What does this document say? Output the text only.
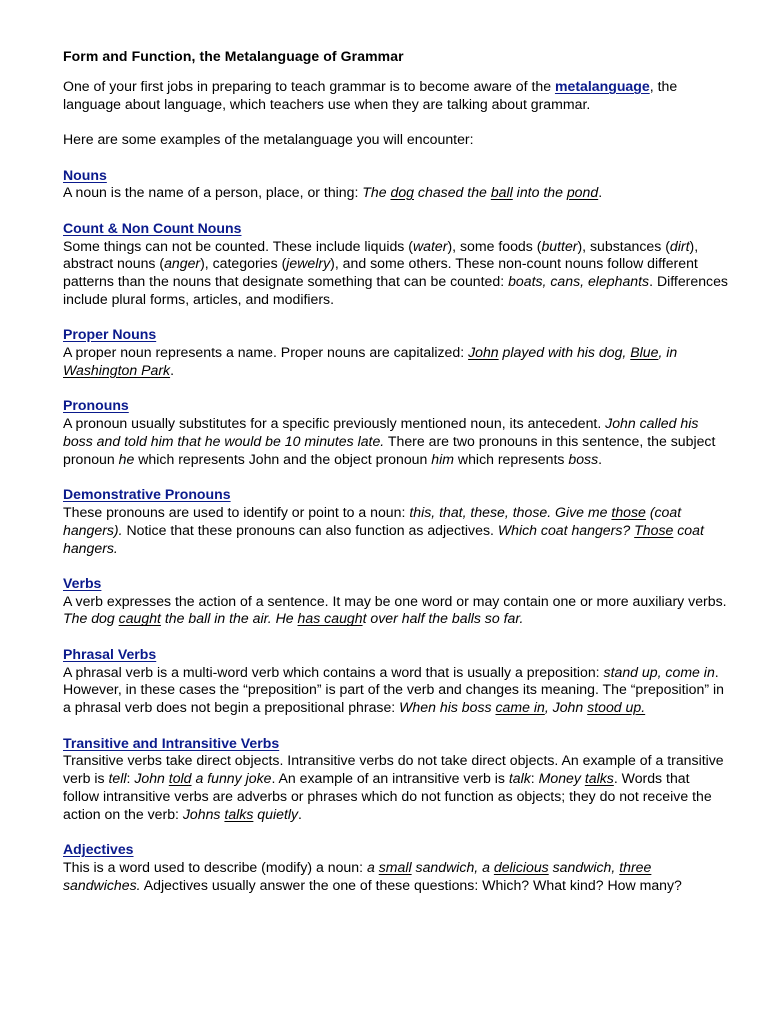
Form and Function, the Metalanguage of Grammar
One of your first jobs in preparing to teach grammar is to become aware of the metalanguage, the language about language, which teachers use when they are talking about grammar.
Here are some examples of the metalanguage you will encounter:
Nouns
A noun is the name of a person, place, or thing: The dog chased the ball into the pond.
Count & Non Count Nouns
Some things can not be counted. These include liquids (water), some foods (butter), substances (dirt), abstract nouns (anger), categories (jewelry), and some others. These non-count nouns follow different patterns than the nouns that designate something that can be counted: boats, cans, elephants. Differences include plural forms, articles, and modifiers.
Proper Nouns
A proper noun represents a name. Proper nouns are capitalized: John played with his dog, Blue, in Washington Park.
Pronouns
A pronoun usually substitutes for a specific previously mentioned noun, its antecedent. John called his boss and told him that he would be 10 minutes late. There are two pronouns in this sentence, the subject pronoun he which represents John and the object pronoun him which represents boss.
Demonstrative Pronouns
These pronouns are used to identify or point to a noun: this, that, these, those. Give me those (coat hangers). Notice that these pronouns can also function as adjectives. Which coat hangers? Those coat hangers.
Verbs
A verb expresses the action of a sentence. It may be one word or may contain one or more auxiliary verbs. The dog caught the ball in the air. He has caught over half the balls so far.
Phrasal Verbs
A phrasal verb is a multi-word verb which contains a word that is usually a preposition: stand up, come in. However, in these cases the “preposition” is part of the verb and changes its meaning. The “preposition” in a phrasal verb does not begin a prepositional phrase: When his boss came in, John stood up.
Transitive and Intransitive Verbs
Transitive verbs take direct objects. Intransitive verbs do not take direct objects. An example of a transitive verb is tell: John told a funny joke. An example of an intransitive verb is talk: Money talks. Words that follow intransitive verbs are adverbs or phrases which do not function as objects; they do not receive the action on the verb: Johns talks quietly.
Adjectives
This is a word used to describe (modify) a noun: a small sandwich, a delicious sandwich, three sandwiches. Adjectives usually answer the one of these questions: Which? What kind? How many?
